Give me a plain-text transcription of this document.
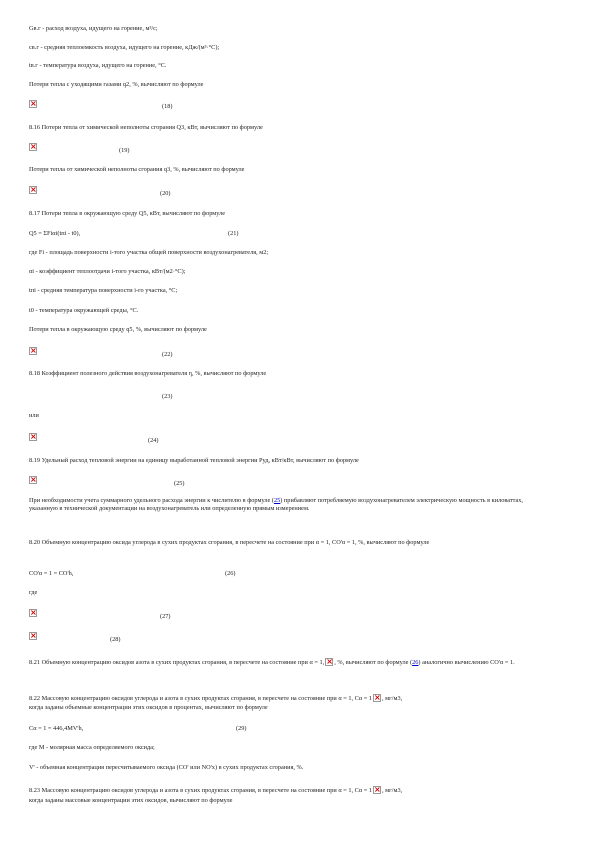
Gв.г - расход воздуха, идущего на горение, м³/с;
cв.г - средняя теплоемкость воздуха, идущего на горение, кДж/(м³·°С);
tв.г - температура воздуха, идущего на горение, °С.
Потери тепла с уходящими газами q2, %, вычисляют по формуле
×
(18)
8.16 Потери тепла от химической неполноты сгорания Q3, кВт, вычисляют по формуле
×
(19)
Потери тепла от химической неполноты сгорания q3, %, вычисляют по формуле
×
(20)
8.17 Потери тепла в окружающую среду Q5, кВт, вычисляют по формуле
Q5 = ΣFiαi(tпi - t0),	(21)
где Fi - площадь поверхности i-того участка общей поверхности воздухонагревателя, м2;
αi - коэффициент теплоотдачи i-того участка, кВт/(м2·°С);
tпi - средняя температура поверхности i-го участка, °С;
t0 - температура окружающей среды, °С.
Потери тепла в окружающую среду q5, %, вычисляют по формуле
×
(22)
8.18 Коэффициент полезного действия воздухонагревателя η, %, вычисляют по формуле
(23)
или
×
(24)
8.19 Удельный расход тепловой энергии на единицу выработанной тепловой энергии Руд, кВт/кВт, вычисляют по формуле
×
(25)
При необходимости учета суммарного удельного расхода энергии к числителю в формуле (25) прибавляют потребляемую воздухонагревателем электрическую мощность в киловаттах, указанную в технической документации на воздухонагреватель или определенную прямым измерением.
8.20 Объемную концентрацию оксида углерода в сухих продуктах сгорания, в пересчете на состояние при α = 1, CO'α = 1, %, вычисляют по формуле
CO'α = 1 = CO'h,	(26)
где
×
(27)
×
(28)
8.21 Объемную концентрацию оксидов азота в сухих продуктах сгорания, в пересчете на состояние при α = 1, × , %, вычисляют по формуле (26) аналогично вычислению CO'α = 1.
8.22 Массовую концентрацию оксидов углерода и азота в сухих продуктах сгорания, в пересчете на состояние при α = 1, Cα = 1 × , мг/м3,
когда заданы объемные концентрации этих оксидов в процентах, вычисляют по формуле
Cα = 1 = 446,4MV'h,	(29)
где M - молярная масса определяемого оксида;
V' - объемная концентрация пересчитываемого оксида (CO' или NO'x) в сухих продуктах сгорания, %.
8.23 Массовую концентрацию оксидов углерода и азота в сухих продуктах сгорания, в пересчете на состояние при α = 1, Cα = 1 × , мг/м3,
когда заданы массовые концентрации этих оксидов, вычисляют по формуле
